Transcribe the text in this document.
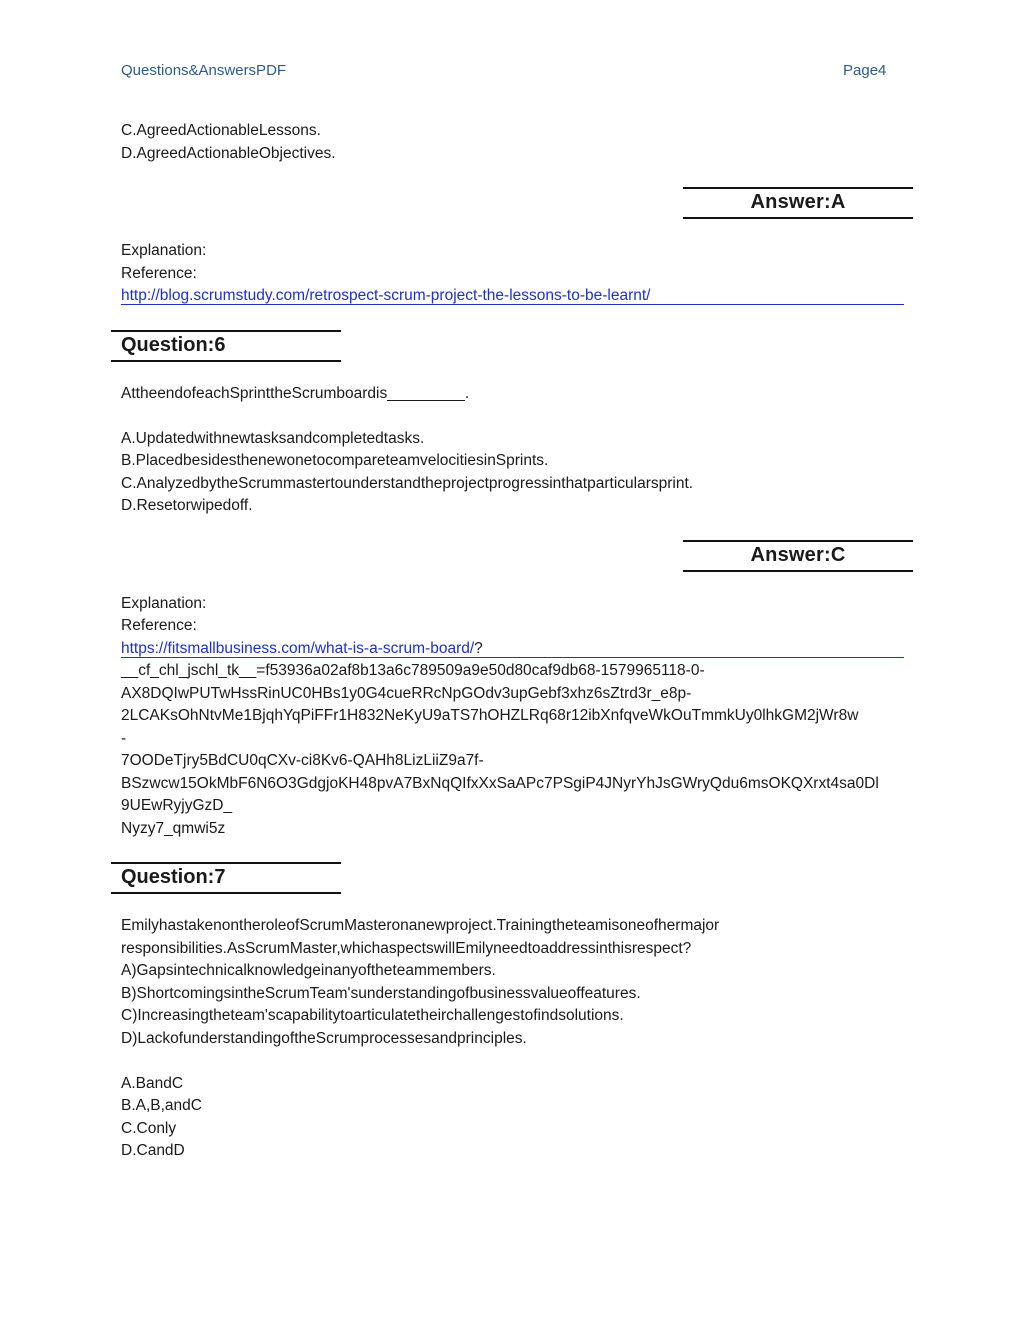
Questions&AnswersPDF	Page4
C.AgreedActionableLessons.
D.AgreedActionableObjectives.
Answer:A
Explanation:
Reference:
http://blog.scrumstudy.com/retrospect-scrum-project-the-lessons-to-be-learnt/
Question:6
AttheendofeachSprinttheScrumboardis_________.
A.Updatedwithnewtasksandcompletedtasks.
B.PlacedbesidesthenewonetocompareteamvelocitiesinSprints.
C.AnalyzedbytheScrummastertounderstandtheprojectprogressinthatparticularsprint.
D.Resetorwipedoff.
Answer:C
Explanation:
Reference:
https://fitsmallbusiness.com/what-is-a-scrum-board/?
__cf_chl_jschl_tk__=f53936a02af8b13a6c789509a9e50d80caf9db68-1579965118-0-
AX8DQIwPUTwHssRinUC0HBs1y0G4cueRRcNpGOdv3upGebf3xhz6sZtrd3r_e8p-
2LCAKsOhNtvMe1BjqhYqPiFFr1H832NeKyU9aTS7hOHZLRq68r12ibXnfqveWkOuTmmkUy0lhkGM2jWr8w
-
7OODeTjry5BdCU0qCXv-ci8Kv6-QAHh8LizLiiZ9a7f-
BSzwcw15OkMbF6N6O3GdgjoKH48pvA7BxNqQIfxXxSaAPc7PSgiP4JNyrYhJsGWryQdu6msOKQXrxt4sa0Dl
9UEwRyjyGzD_
Nyzy7_qmwi5z
Question:7
EmilyhastakenontheroleofScrumMasteronanewproject.Trainingtheteamisoneofhermajor
responsibilities.AsScrumMaster,whichaspectswillEmilyneedtoaddressinthisrespect?
A)Gapsintechnicalknowledgeinanyoftheteammembers.
B)ShortcomingsintheScrumTeam'sunderstandingofbusinessvalueoffeatures.
C)Increasingtheteam'scapabilitytoarticulatetheirchallengestofindsolutions.
D)LackofunderstandingoftheScrumprocessesandprinciples.
A.BandC
B.A,B,andC
C.Conly
D.CandD
